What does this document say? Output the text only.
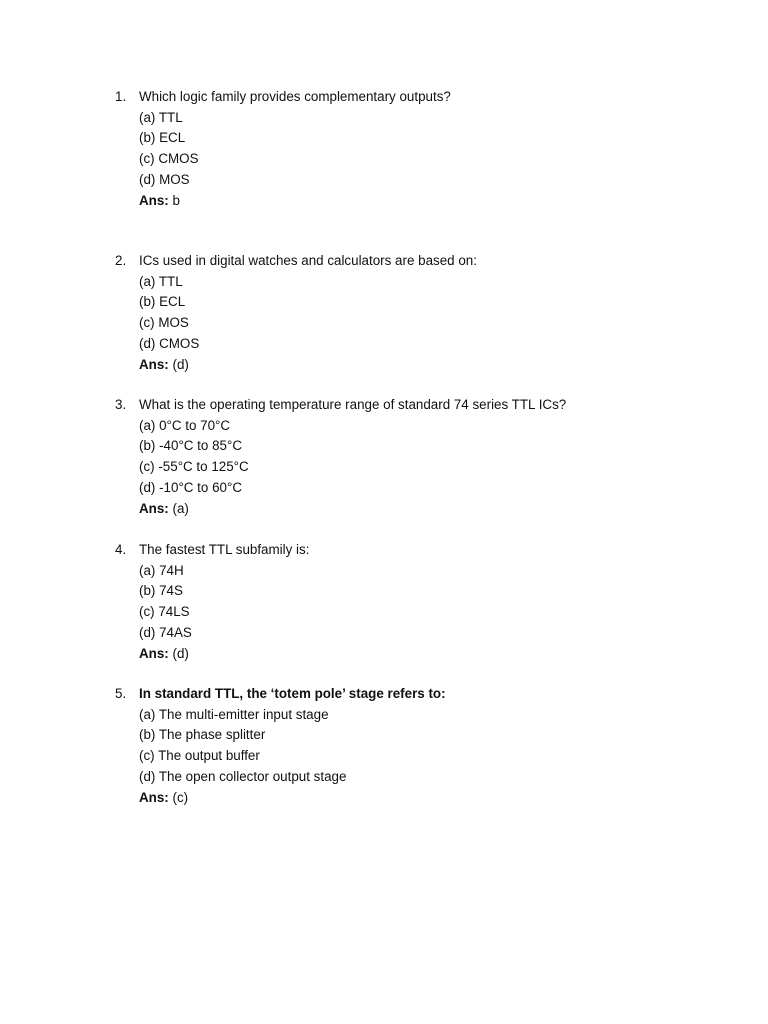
1. Which logic family provides complementary outputs?
(a) TTL
(b) ECL
(c) CMOS
(d) MOS
Ans: b
2. ICs used in digital watches and calculators are based on:
(a) TTL
(b) ECL
(c) MOS
(d) CMOS
Ans: (d)
3. What is the operating temperature range of standard 74 series TTL ICs?
(a) 0°C to 70°C
(b) -40°C to 85°C
(c) -55°C to 125°C
(d) -10°C to 60°C
Ans: (a)
4. The fastest TTL subfamily is:
(a) 74H
(b) 74S
(c) 74LS
(d) 74AS
Ans: (d)
5. In standard TTL, the ‘totem pole’ stage refers to:
(a) The multi-emitter input stage
(b) The phase splitter
(c) The output buffer
(d) The open collector output stage
Ans: (c)
